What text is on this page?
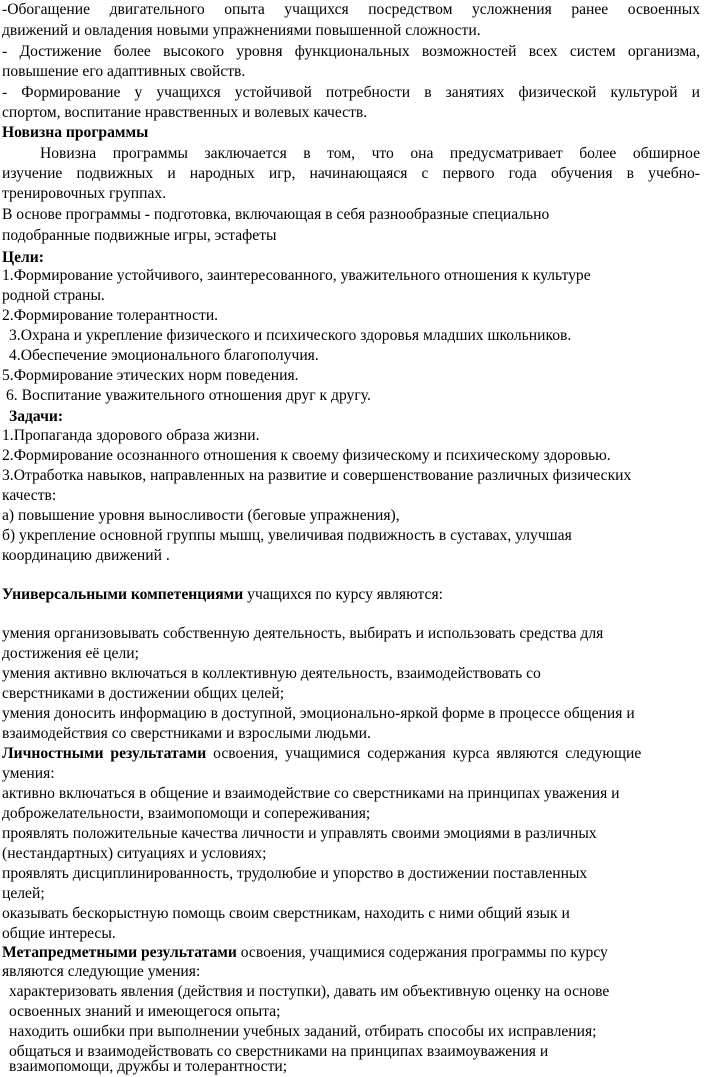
-Обогащение двигательного опыта учащихся посредством усложнения ранее освоенных
движений и овладения новыми упражнениями повышенной сложности.
- Достижение более высокого уровня функциональных возможностей всех систем организма,
повышение его адаптивных свойств.
- Формирование у учащихся устойчивой потребности в занятиях физической культурой и
спортом, воспитание нравственных и волевых качеств.
Новизна программы
Новизна программы заключается в том, что она предусматривает более обширное
изучение подвижных и народных игр, начинающаяся с первого года обучения в учебно-
тренировочных группах.
В основе программы - подготовка, включающая в себя разнообразные специально
подобранные подвижные игры, эстафеты
Цели:
1.Формирование устойчивого, заинтересованного, уважительного отношения к культуре
родной страны.
2.Формирование толерантности.
3.Охрана и укрепление физического и психического здоровья младших школьников.
4.Обеспечение эмоционального благополучия.
5.Формирование этических норм поведения.
6. Воспитание уважительного отношения друг к другу.
Задачи:
1.Пропаганда здорового образа жизни.
2.Формирование осознанного отношения к своему физическому и психическому здоровью.
3.Отработка навыков, направленных на развитие и совершенствование различных физических
качеств:
а) повышение уровня выносливости (беговые упражнения),
б) укрепление основной группы мышц, увеличивая подвижность в суставах, улучшая
координацию движений .
Универсальными компетенциями учащихся по курсу являются:
умения организовывать собственную деятельность, выбирать и использовать средства для
достижения её цели;
умения активно включаться в коллективную деятельность, взаимодействовать со
сверстниками в достижении общих целей;
умения доносить информацию в доступной, эмоционально-яркой форме в процессе общения и
взаимодействия со сверстниками и взрослыми людьми.
Личностными результатами освоения, учащимися содержания курса являются следующие
умения:
активно включаться в общение и взаимодействие со сверстниками на принципах уважения и
доброжелательности, взаимопомощи и сопереживания;
проявлять положительные качества личности и управлять своими эмоциями в различных
(нестандартных) ситуациях и условиях;
проявлять дисциплинированность, трудолюбие и упорство в достижении поставленных
целей;
оказывать бескорыстную помощь своим сверстникам, находить с ними общий язык и
общие интересы.
Метапредметными результатами освоения, учащимися содержания программы по курсу
являются следующие умения:
характеризовать явления (действия и поступки), давать им объективную оценку на основе
освоенных знаний и имеющегося опыта;
находить ошибки при выполнении учебных заданий, отбирать способы их исправления;
общаться и взаимодействовать со сверстниками на принципах взаимоуважения и
взаимопомощи, дружбы и толерантности;
